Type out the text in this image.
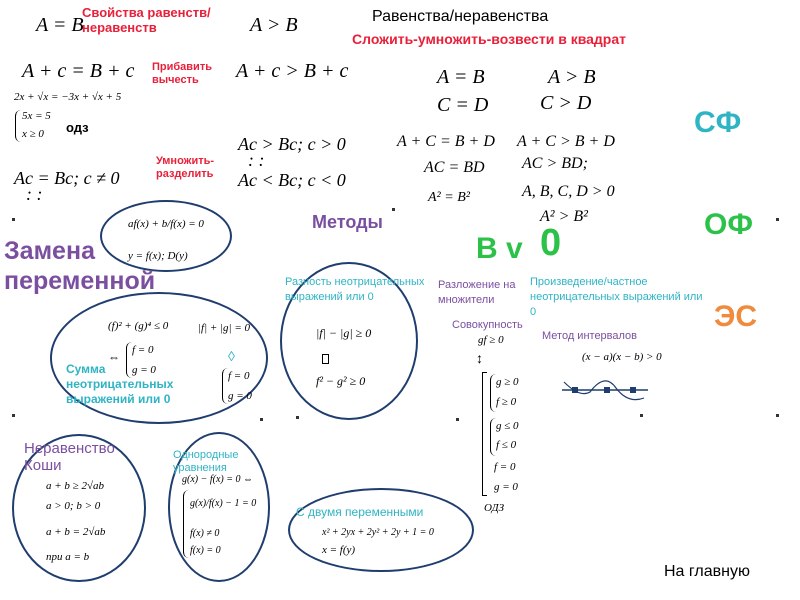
Равенства/неравенства
Сложить-умножить-возвести в квадрат
A = B
Свойства равенств/неравенств	A > B
A + c = B + c Прибавить вычесть	A + c > B + c
2x + √x = −3x + √x + 5
5x = 5
x ≥ 0 одз
Ac > Bc; c > 0
: :
Умножить-разделить
Ac = Bc; c ≠ 0	Ac < Bc; c < 0
: :
A = B
C = D
A > B
C > D
A + C = B + D A + C > B + D
AC = BD AC > BD;
A, B, C, D > 0
A² = B²
A² > B²
СФ
ОФ
ЭС
В v 0
af(x) + b/f(x) = 0
y = f(x); D(y)
Методы
Замена переменной	Разность неотрицательных выражений или 0
|f| − |g| ≥ 0
f² − g² ≥ 0
Разложение на множители
Произведение/частное неотрицательных выражений или 0
Совокупность
gf ≥ 0
↕
g ≥ 0
f ≥ 0
g ≤ 0
f ≤ 0
f = 0
g = 0
ОДЗ
Метод интервалов
(x − a)(x − b) > 0
(f)² + (g)⁴ ≤ 0	|f| + |g| = 0
⇔ f = 0
g = 0
◊
f = 0
g = 0
Сумма неотрицательных выражений или 0
Неравенство Коши
a + b ≥ 2√ab
a > 0; b > 0
a + b = 2√ab
при a = b
Однородные уравнения
g(x) − f(x) = 0 ⇔
g(x)/f(x) − 1 = 0
f(x) ≠ 0
f(x) = 0
С двумя переменными
x² + 2yx + 2y² + 2y + 1 = 0
x = f(y)
На главную
